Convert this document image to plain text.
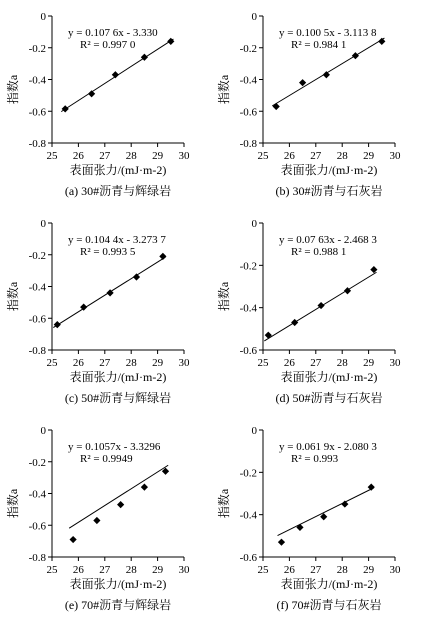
25 26 27 28 29 30
0
-0.2
-0.4
-0.6
-0.8
指数a
表面张力/(mJ·m-2)
(a) 30#沥青与辉绿岩
y = 0.107 6x - 3.330
R² = 0.997 0
25 26 27 28 29 30
0
-0.2
-0.4
-0.6
-0.8
指数a
表面张力/(mJ·m-2)
(b) 30#沥青与石灰岩
y = 0.100 5x - 3.113 8
R² = 0.984 1
25 26 27 28 29 30
0
-0.2
-0.4
-0.6
-0.8
指数a
表面张力/(mJ·m-2)
(c) 50#沥青与辉绿岩
y = 0.104 4x - 3.273 7
R² = 0.993 5
25 26 27 28 29 30
0
-0.2
-0.4
-0.6
指数a
表面张力/(mJ·m-2)
(d) 50#沥青与石灰岩
y = 0.07 63x - 2.468 3
R² = 0.988 1
25 26 27 28 29 30
0
-0.2
-0.4
-0.6
-0.8
指数a
表面张力/(mJ·m-2)
(e) 70#沥青与辉绿岩
y = 0.1057x - 3.3296
R² = 0.9949
25 26 27 28 29 30
0
-0.2
-0.4
-0.6
指数a
表面张力/(mJ·m-2)
(f) 70#沥青与石灰岩
y = 0.061 9x - 2.080 3
R² = 0.993
